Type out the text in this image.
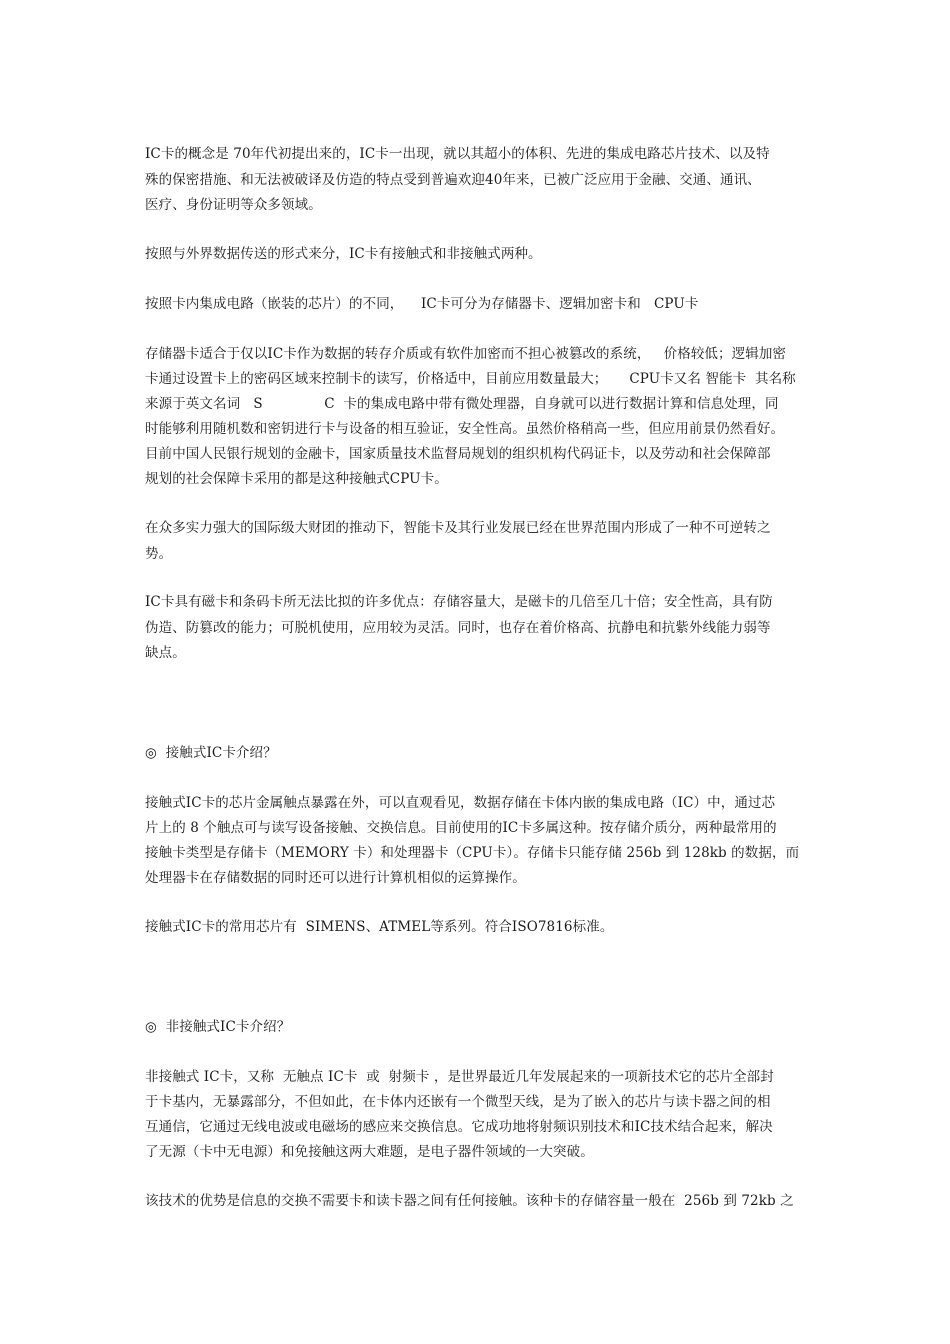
IC卡的概念是 70年代初提出来的，IC卡一出现，就以其超小的体积、先进的集成电路芯片技术、以及特
殊的保密措施、和无法被破译及仿造的特点受到普遍欢迎40年来，已被广泛应用于金融、交通、通讯、
医疗、身份证明等众多领域。
按照与外界数据传送的形式来分，IC卡有接触式和非接触式两种。
按照卡内集成电路（嵌装的芯片）的不同，    IC卡可分为存储器卡、逻辑加密卡和   CPU卡
存储器卡适合于仅以IC卡作为数据的转存介质或有软件加密而不担心被篡改的系统，   价格较低；逻辑加密
卡通过设置卡上的密码区域来控制卡的读写，价格适中，目前应用数量最大；     CPU卡又名 智能卡  其名称
来源于英文名词   S              C  卡的集成电路中带有微处理器，自身就可以进行数据计算和信息处理，同
时能够利用随机数和密钥进行卡与设备的相互验证，安全性高。虽然价格稍高一些，但应用前景仍然看好。
目前中国人民银行规划的金融卡，国家质量技术监督局规划的组织机构代码证卡，以及劳动和社会保障部
规划的社会保障卡采用的都是这种接触式CPU卡。
在众多实力强大的国际级大财团的推动下，智能卡及其行业发展已经在世界范围内形成了一种不可逆转之
势。
IC卡具有磁卡和条码卡所无法比拟的许多优点：存储容量大，是磁卡的几倍至几十倍；安全性高，具有防
伪造、防篡改的能力；可脱机使用，应用较为灵活。同时，也存在着价格高、抗静电和抗紫外线能力弱等
缺点。
◎  接触式IC卡介绍？
接触式IC卡的芯片金属触点暴露在外，可以直观看见，数据存储在卡体内嵌的集成电路（IC）中，通过芯
片上的 8 个触点可与读写设备接触、交换信息。目前使用的IC卡多属这种。按存储介质分，两种最常用的
接触卡类型是存储卡（MEMORY 卡）和处理器卡（CPU卡）。存储卡只能存储 256b 到 128kb 的数据，而
处理器卡在存储数据的同时还可以进行计算机相似的运算操作。
接触式IC卡的常用芯片有  SIMENS、ATMEL等系列。符合ISO7816标准。
◎  非接触式IC卡介绍？
非接触式 IC卡，又称  无触点 IC卡  或  射频卡 ，是世界最近几年发展起来的一项新技术它的芯片全部封
于卡基内，无暴露部分，不但如此，在卡体内还嵌有一个微型天线，是为了嵌入的芯片与读卡器之间的相
互通信，它通过无线电波或电磁场的感应来交换信息。它成功地将射频识别技术和IC技术结合起来，解决
了无源（卡中无电源）和免接触这两大难题，是电子器件领域的一大突破。
该技术的优势是信息的交换不需要卡和读卡器之间有任何接触。该种卡的存储容量一般在  256b 到 72kb 之
